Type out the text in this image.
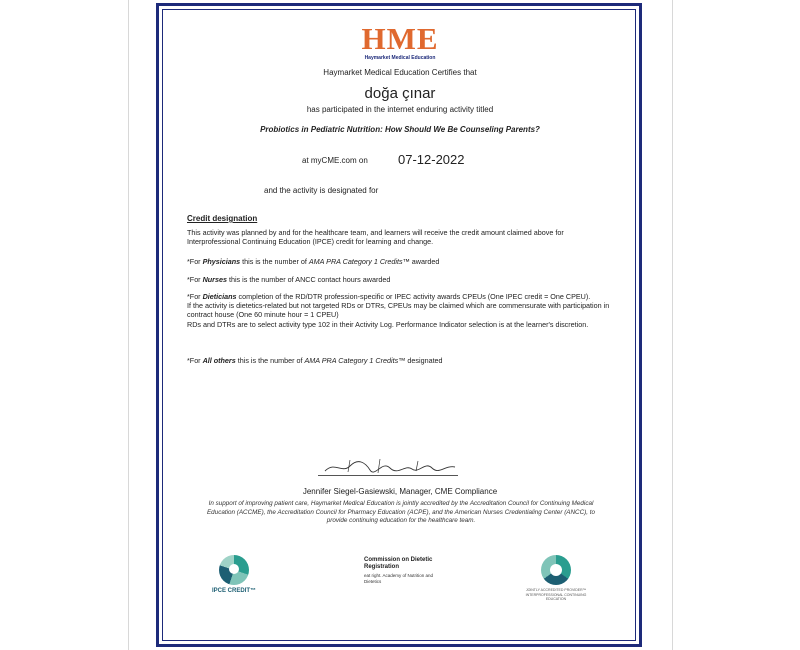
HME
Haymarket Medical Education
Haymarket Medical Education Certifies that
doğa çınar
has participated in the internet enduring activity titled
Probiotics in Pediatric Nutrition: How Should We Be Counseling Parents?
at myCME.com on 07-12-2022
and the activity is designated for
Credit designation
This activity was planned by and for the healthcare team, and learners will receive the credit amount claimed above for Interprofessional Continuing Education (IPCE) credit for learning and change.
*For Physicians this is the number of AMA PRA Category 1 Credits™ awarded
*For Nurses this is the number of ANCC contact hours awarded
*For Dieticians completion of the RD/DTR profession-specific or IPEC activity awards CPEUs (One IPEC credit = One CPEU).
If the activity is dietetics-related but not targeted RDs or DTRs, CPEUs may be claimed which are commensurate with participation in contract house (One 60 minute hour = 1 CPEU)
RDs and DTRs are to select activity type 102 in their Activity Log. Performance Indicator selection is at the learner's discretion.
*For All others this is the number of AMA PRA Category 1 Credits™ designated
Jennifer Siegel-Gasiewski, Manager, CME Compliance
In support of improving patient care, Haymarket Medical Education is jointly accredited by the Accreditation Council for Continuing Medical Education (ACCME), the Accreditation Council for Pharmacy Education (ACPE), and the American Nurses Credentialing Center (ANCC), to provide continuing education for the healthcare team.
IPCE CREDIT™
Commission on Dietetic Registration
eat right. Academy of Nutrition and Dietetics
JOINTLY ACCREDITED PROVIDER™ INTERPROFESSIONAL CONTINUING EDUCATION
